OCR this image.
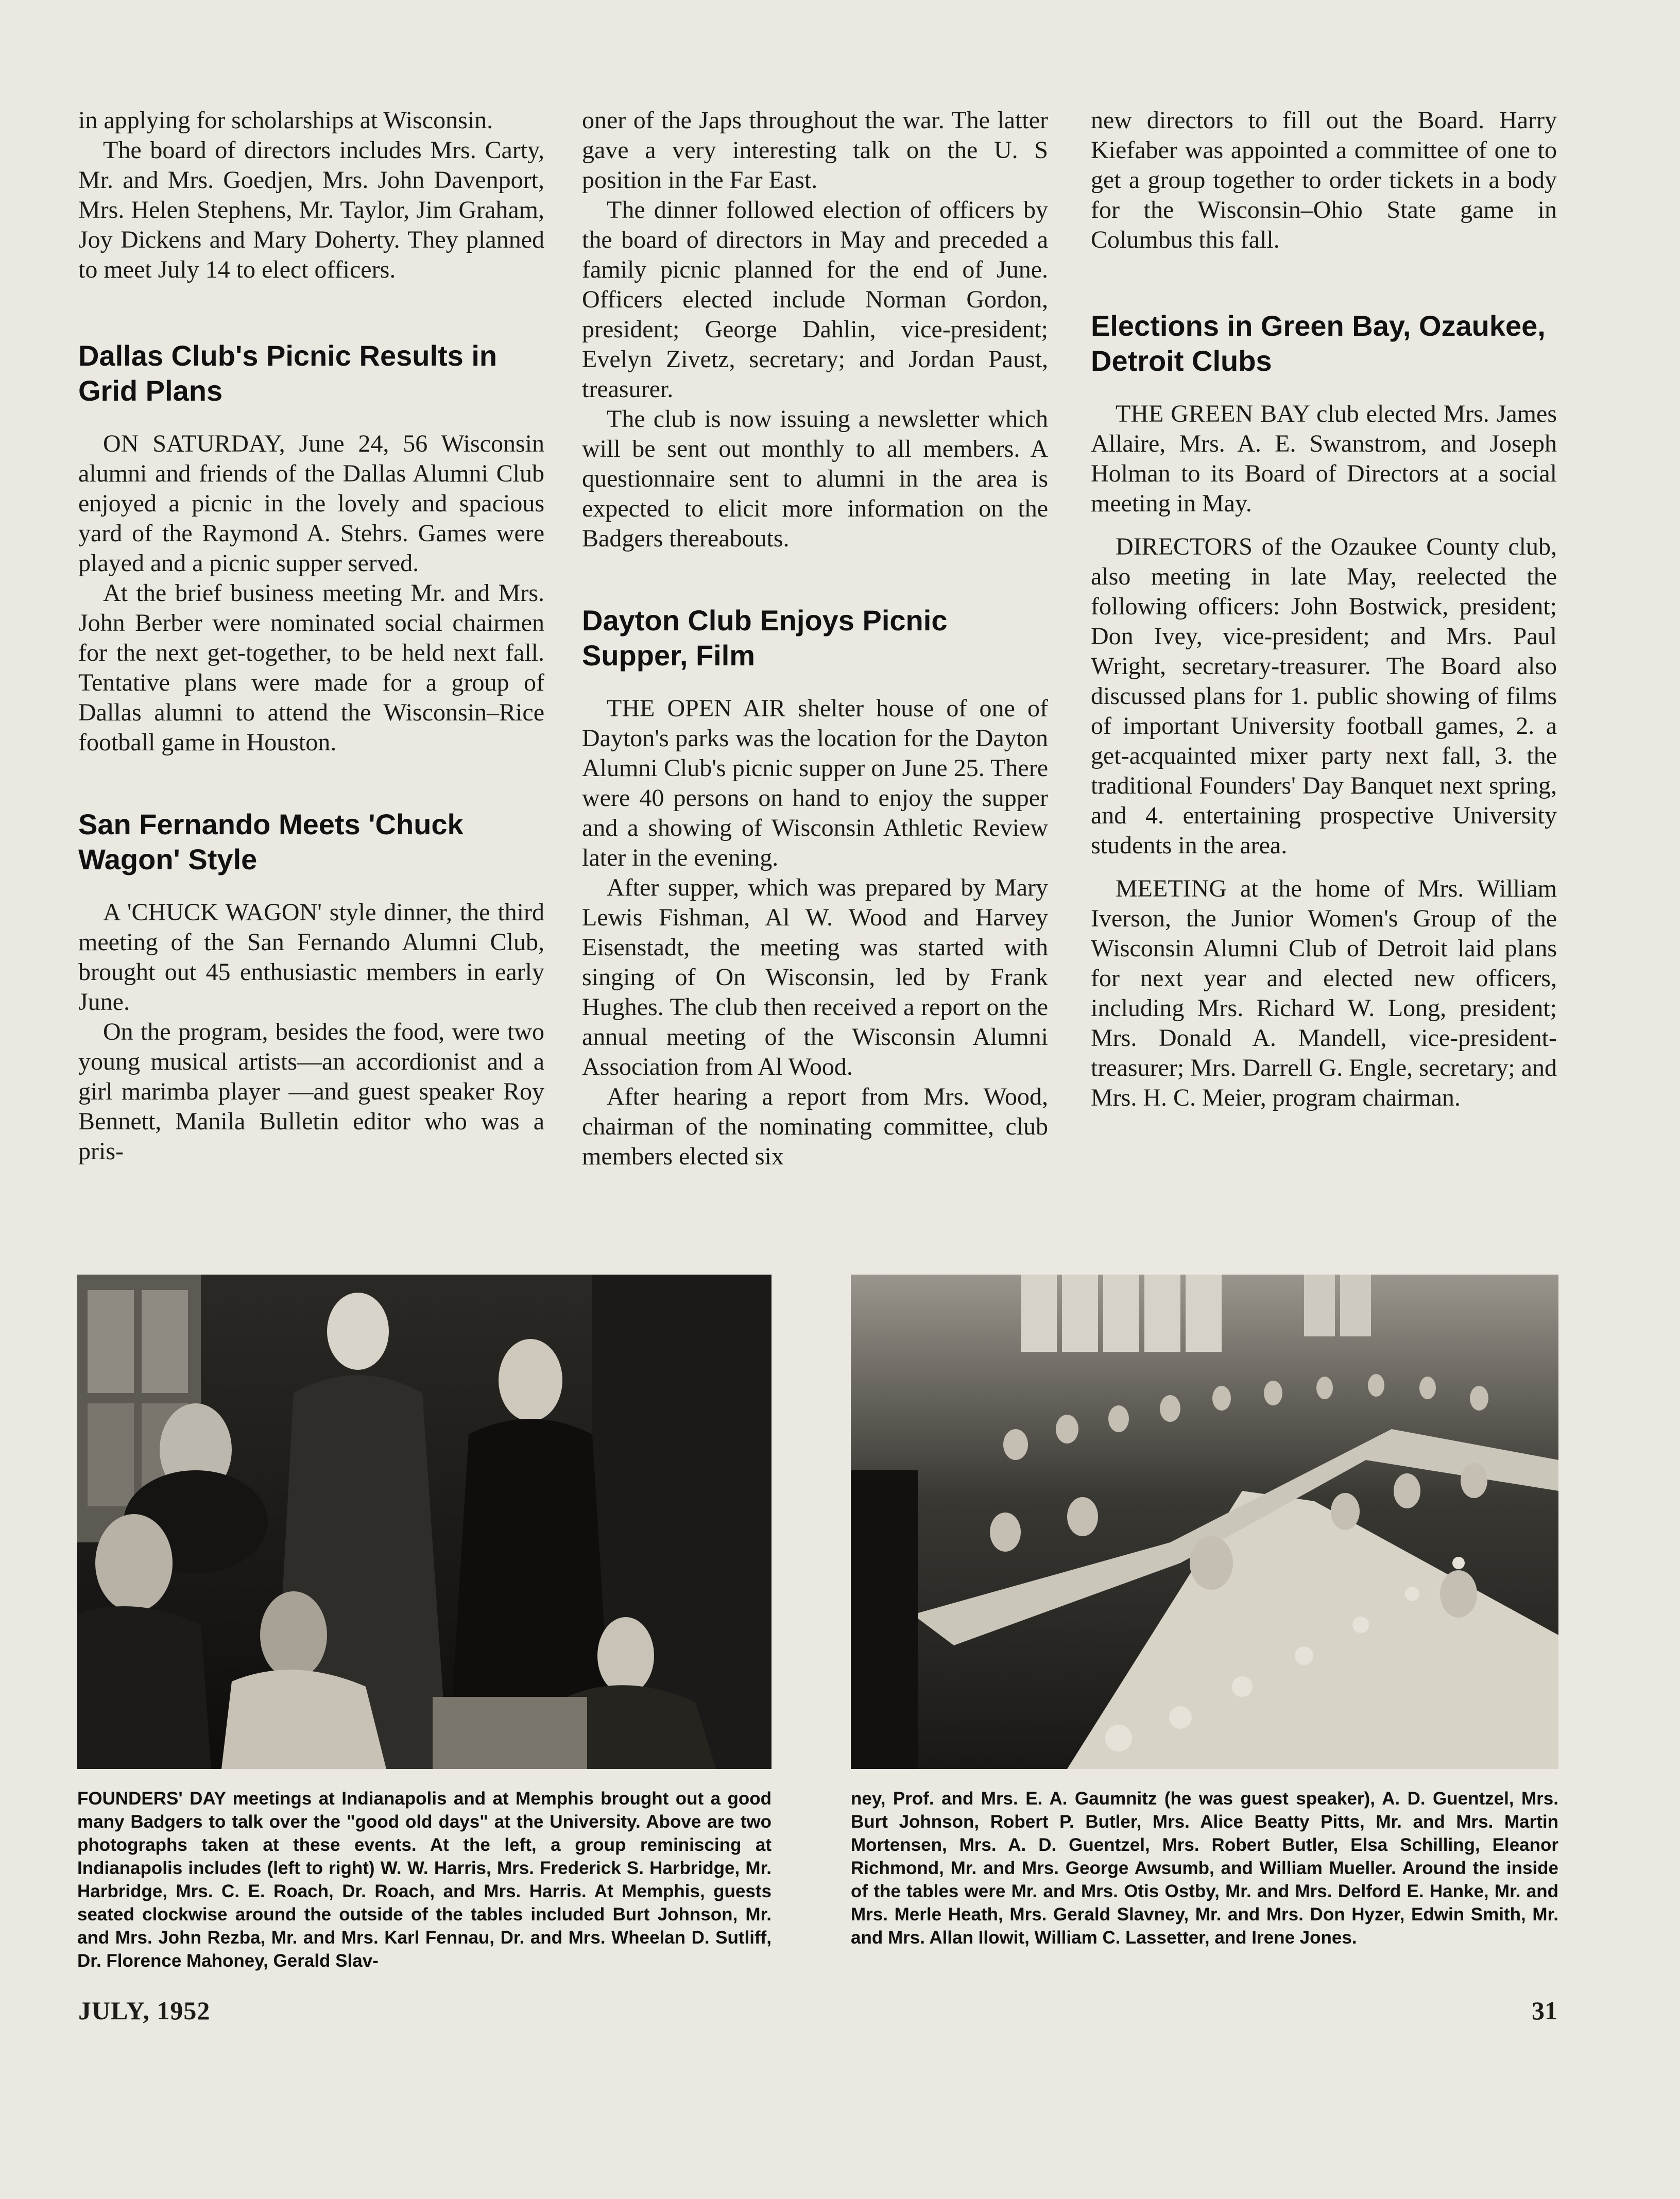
in applying for scholarships at Wisconsin.

The board of directors includes Mrs. Carty, Mr. and Mrs. Goedjen, Mrs. John Davenport, Mrs. Helen Stephens, Mr. Taylor, Jim Graham, Joy Dickens and Mary Doherty. They planned to meet July 14 to elect officers.

Dallas Club's Picnic Results in Grid Plans

ON SATURDAY, June 24, 56 Wisconsin alumni and friends of the Dallas Alumni Club enjoyed a picnic in the lovely and spacious yard of the Raymond A. Stehrs. Games were played and a picnic supper served.

At the brief business meeting Mr. and Mrs. John Berber were nominated social chairmen for the next get-together, to be held next fall. Tentative plans were made for a group of Dallas alumni to attend the Wisconsin–Rice football game in Houston.

San Fernando Meets 'Chuck Wagon' Style

A 'CHUCK WAGON' style dinner, the third meeting of the San Fernando Alumni Club, brought out 45 enthusiastic members in early June.

On the program, besides the food, were two young musical artists—an accordionist and a girl marimba player —and guest speaker Roy Bennett, Manila Bulletin editor who was a pris-

oner of the Japs throughout the war. The latter gave a very interesting talk on the U. S position in the Far East.

The dinner followed election of officers by the board of directors in May and preceded a family picnic planned for the end of June. Officers elected include Norman Gordon, president; George Dahlin, vice-president; Evelyn Zivetz, secretary; and Jordan Paust, treasurer.

The club is now issuing a newsletter which will be sent out monthly to all members. A questionnaire sent to alumni in the area is expected to elicit more information on the Badgers thereabouts.

Dayton Club Enjoys Picnic Supper, Film

THE OPEN AIR shelter house of one of Dayton's parks was the location for the Dayton Alumni Club's picnic supper on June 25. There were 40 persons on hand to enjoy the supper and a showing of Wisconsin Athletic Review later in the evening.

After supper, which was prepared by Mary Lewis Fishman, Al W. Wood and Harvey Eisenstadt, the meeting was started with singing of On Wisconsin, led by Frank Hughes. The club then received a report on the annual meeting of the Wisconsin Alumni Association from Al Wood.

After hearing a report from Mrs. Wood, chairman of the nominating committee, club members elected six

new directors to fill out the Board. Harry Kiefaber was appointed a committee of one to get a group together to order tickets in a body for the Wisconsin–Ohio State game in Columbus this fall.

Elections in Green Bay, Ozaukee, Detroit Clubs

THE GREEN BAY club elected Mrs. James Allaire, Mrs. A. E. Swanstrom, and Joseph Holman to its Board of Directors at a social meeting in May.

DIRECTORS of the Ozaukee County club, also meeting in late May, reelected the following officers: John Bostwick, president; Don Ivey, vice-president; and Mrs. Paul Wright, secretary-treasurer. The Board also discussed plans for 1. public showing of films of important University football games, 2. a get-acquainted mixer party next fall, 3. the traditional Founders' Day Banquet next spring, and 4. entertaining prospective University students in the area.

MEETING at the home of Mrs. William Iverson, the Junior Women's Group of the Wisconsin Alumni Club of Detroit laid plans for next year and elected new officers, including Mrs. Richard W. Long, president; Mrs. Donald A. Mandell, vice-president-treasurer; Mrs. Darrell G. Engle, secretary; and Mrs. H. C. Meier, program chairman.

FOUNDERS' DAY meetings at Indianapolis and at Memphis brought out a good many Badgers to talk over the "good old days" at the University. Above are two photographs taken at these events. At the left, a group reminiscing at Indianapolis includes (left to right) W. W. Harris, Mrs. Frederick S. Harbridge, Mr. Harbridge, Mrs. C. E. Roach, Dr. Roach, and Mrs. Harris. At Memphis, guests seated clockwise around the outside of the tables included Burt Johnson, Mr. and Mrs. John Rezba, Mr. and Mrs. Karl Fennau, Dr. and Mrs. Wheelan D. Sutliff, Dr. Florence Mahoney, Gerald Slav-
ney, Prof. and Mrs. E. A. Gaumnitz (he was guest speaker), A. D. Guentzel, Mrs. Burt Johnson, Robert P. Butler, Mrs. Alice Beatty Pitts, Mr. and Mrs. Martin Mortensen, Mrs. A. D. Guentzel, Mrs. Robert Butler, Elsa Schilling, Eleanor Richmond, Mr. and Mrs. George Awsumb, and William Mueller. Around the inside of the tables were Mr. and Mrs. Otis Ostby, Mr. and Mrs. Delford E. Hanke, Mr. and Mrs. Merle Heath, Mrs. Gerald Slavney, Mr. and Mrs. Don Hyzer, Edwin Smith, Mr. and Mrs. Allan Ilowit, William C. Lassetter, and Irene Jones.
JULY, 1952	31
